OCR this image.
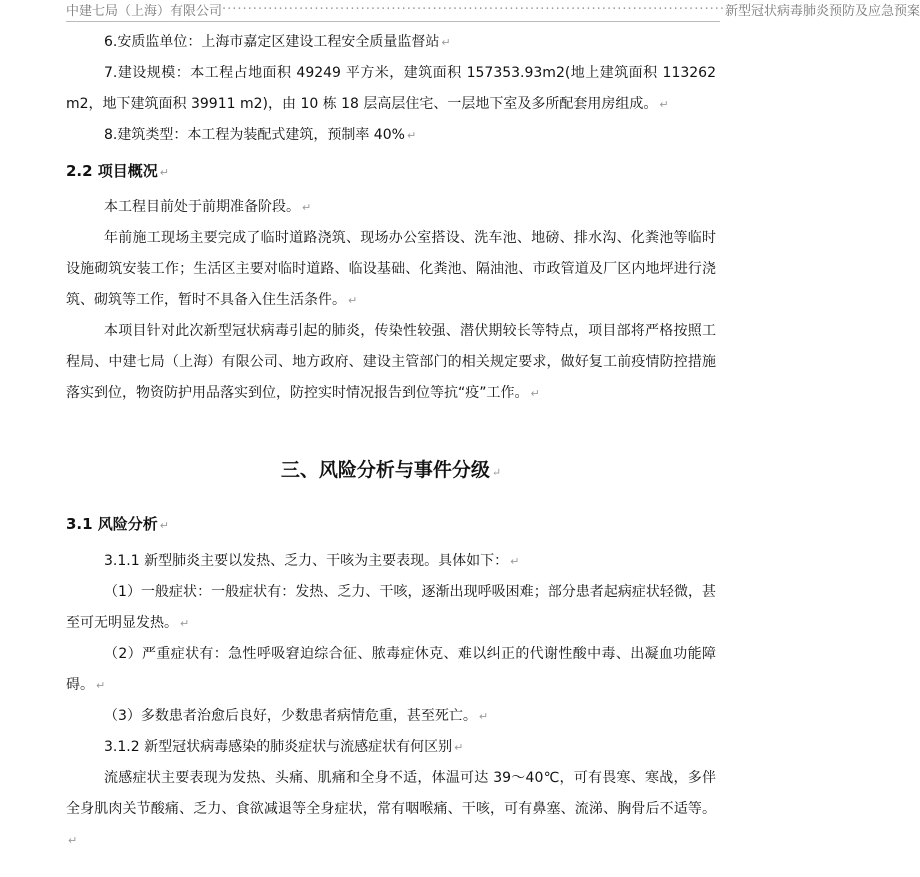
中建七局（上海）有限公司 ·································································································· 新型冠状病毒肺炎预防及应急预案
6.安质监单位：上海市嘉定区建设工程安全质量监督站 ↵
7.建设规模：本工程占地面积 49249 平方米，建筑面积 157353.93m2(地上建筑面积 113262 m2，地下建筑面积 39911 m2)，由 10 栋 18 层高层住宅、一层地下室及多所配套用房组成。 ↵
8.建筑类型：本工程为装配式建筑，预制率 40% ↵
2.2 项目概况 ↵
本工程目前处于前期准备阶段。 ↵
年前施工现场主要完成了临时道路浇筑、现场办公室搭设、洗车池、地磅、排水沟、化粪池等临时设施砌筑安装工作；生活区主要对临时道路、临设基础、化粪池、隔油池、市政管道及厂区内地坪进行浇筑、砌筑等工作，暂时不具备入住生活条件。 ↵
本项目针对此次新型冠状病毒引起的肺炎，传染性较强、潜伏期较长等特点，项目部将严格按照工程局、中建七局（上海）有限公司、地方政府、建设主管部门的相关规定要求，做好复工前疫情防控措施落实到位，物资防护用品落实到位，防控实时情况报告到位等抗“疫”工作。 ↵
三、风险分析与事件分级 ↵
3.1 风险分析 ↵
3.1.1 新型肺炎主要以发热、乏力、干咳为主要表现。具体如下： ↵
（1）一般症状：一般症状有：发热、乏力、干咳，逐渐出现呼吸困难；部分患者起病症状轻微，甚至可无明显发热。 ↵
（2）严重症状有：急性呼吸窘迫综合征、脓毒症休克、难以纠正的代谢性酸中毒、出凝血功能障碍。 ↵
（3）多数患者治愈后良好，少数患者病情危重，甚至死亡。 ↵
3.1.2 新型冠状病毒感染的肺炎症状与流感症状有何区别 ↵
流感症状主要表现为发热、头痛、肌痛和全身不适，体温可达 39～40℃，可有畏寒、寒战，多伴全身肌肉关节酸痛、乏力、食欲减退等全身症状，常有咽喉痛、干咳，可有鼻塞、流涕、胸骨后不适等。↵
